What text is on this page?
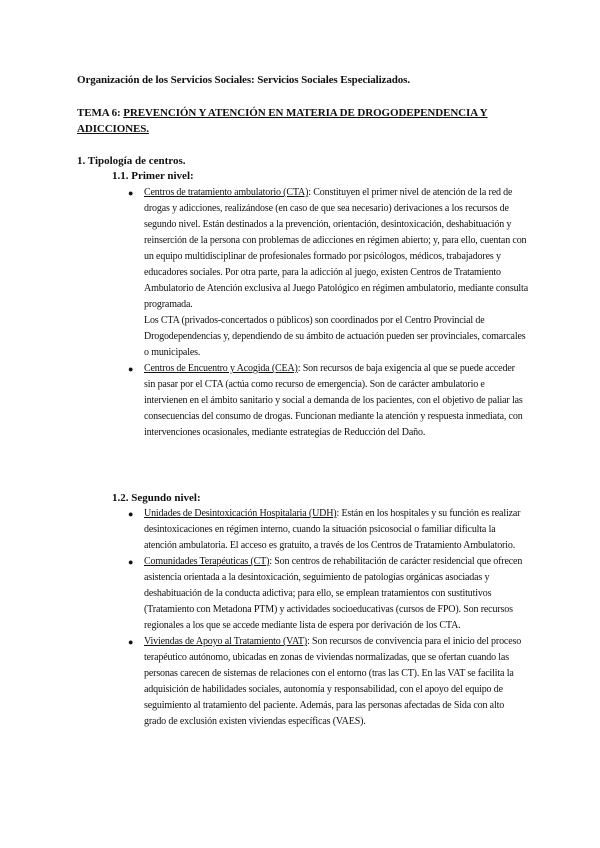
Organización de los Servicios Sociales: Servicios Sociales Especializados.
TEMA 6: PREVENCIÓN Y ATENCIÓN EN MATERIA DE DROGODEPENDENCIA Y ADICCIONES.
1. Tipología de centros.
1.1. Primer nivel:
● Centros de tratamiento ambulatorio (CTA): Constituyen el primer nivel de atención de la red de drogas y adicciones, realizándose (en caso de que sea necesario) derivaciones a los recursos de segundo nivel. Están destinados a la prevención, orientación, desintoxicación, deshabituación y reinserción de la persona con problemas de adicciones en régimen abierto; y, para ello, cuentan con un equipo multidisciplinar de profesionales formado por psicólogos, médicos, trabajadores y educadores sociales. Por otra parte, para la adicción al juego, existen Centros de Tratamiento Ambulatorio de Atención exclusiva al Juego Patológico en régimen ambulatorio, mediante consulta programada.
Los CTA (privados-concertados o públicos) son coordinados por el Centro Provincial de Drogodependencias y, dependiendo de su ámbito de actuación pueden ser provinciales, comarcales o municipales.
● Centros de Encuentro y Acogida (CEA): Son recursos de baja exigencia al que se puede acceder sin pasar por el CTA (actúa como recurso de emergencia). Son de carácter ambulatorio e intervienen en el ámbito sanitario y social a demanda de los pacientes, con el objetivo de paliar las consecuencias del consumo de drogas. Funcionan mediante la atención y respuesta inmediata, con intervenciones ocasionales, mediante estrategias de Reducción del Daño.
1.2. Segundo nivel:
● Unidades de Desintoxicación Hospitalaria (UDH): Están en los hospitales y su función es realizar desintoxicaciones en régimen interno, cuando la situación psicosocial o familiar dificulta la atención ambulatoria. El acceso es gratuito, a través de los Centros de Tratamiento Ambulatorio.
● Comunidades Terapéuticas (CT): Son centros de rehabilitación de carácter residencial que ofrecen asistencia orientada a la desintoxicación, seguimiento de patologías orgánicas asociadas y deshabituación de la conducta adictiva; para ello, se emplean tratamientos con sustitutivos (Tratamiento con Metadona PTM) y actividades socioeducativas (cursos de FPO). Son recursos regionales a los que se accede mediante lista de espera por derivación de los CTA.
● Viviendas de Apoyo al Tratamiento (VAT): Son recursos de convivencia para el inicio del proceso terapéutico autónomo, ubicadas en zonas de viviendas normalizadas, que se ofertan cuando las personas carecen de sistemas de relaciones con el entorno (tras las CT). En las VAT se facilita la adquisición de habilidades sociales, autonomía y responsabilidad, con el apoyo del equipo de seguimiento al tratamiento del paciente. Además, para las personas afectadas de Sida con alto grado de exclusión existen viviendas específicas (VAES).
